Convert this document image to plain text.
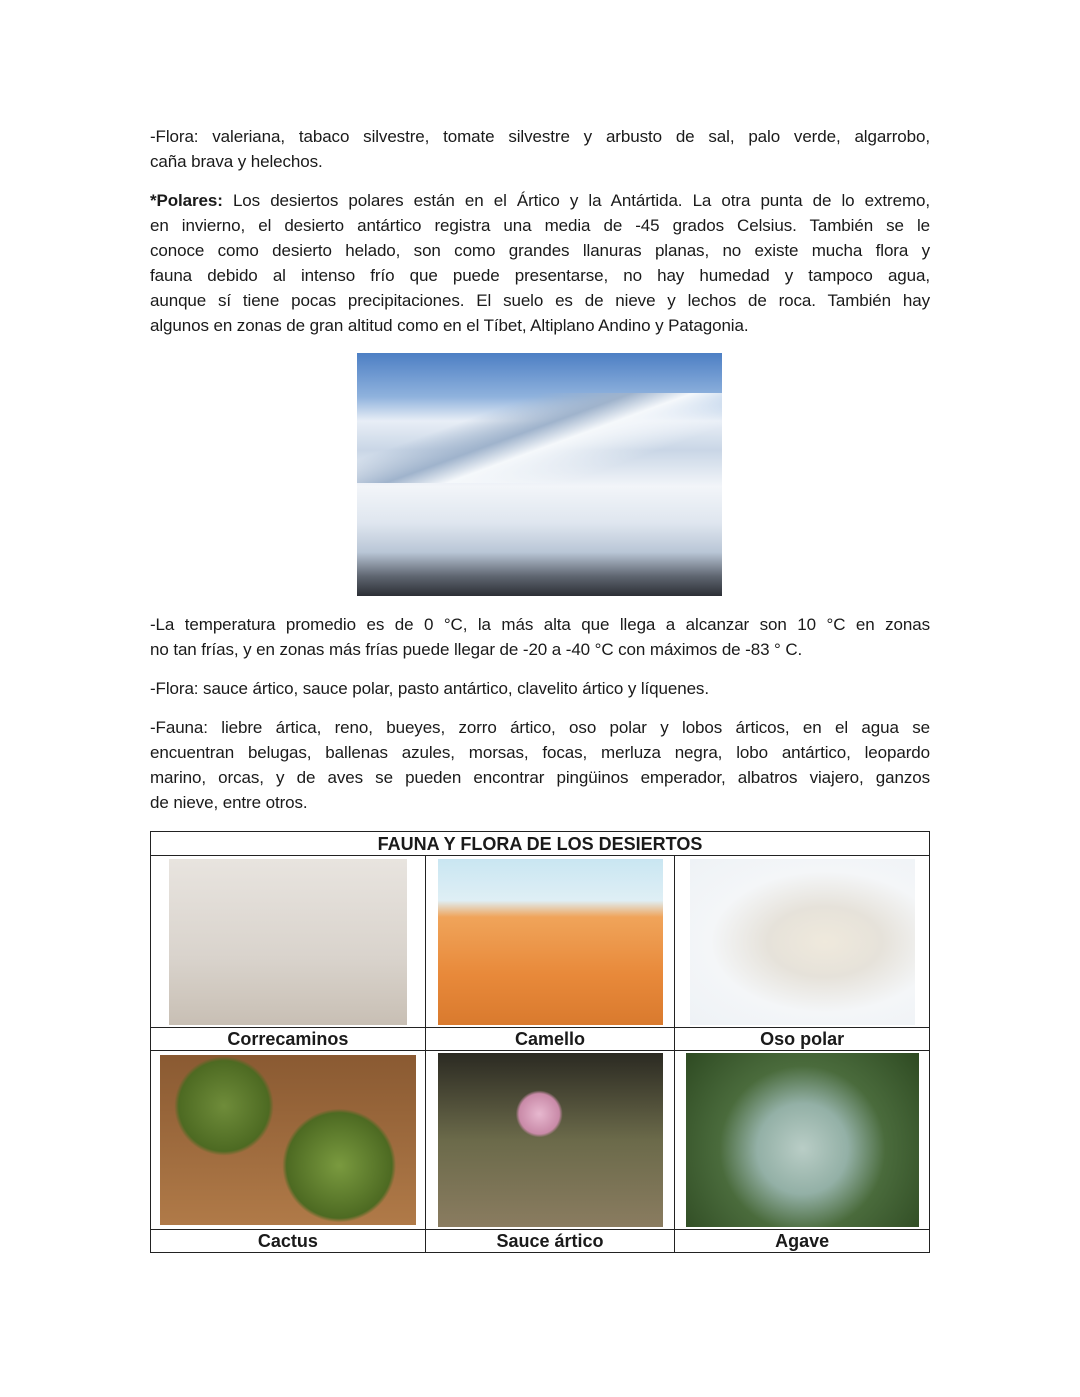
-Flora: valeriana, tabaco silvestre, tomate silvestre y arbusto de sal, palo verde, algarrobo,
caña brava y helechos.
*Polares: Los desiertos polares están en el Ártico y la Antártida. La otra punta de lo extremo,
en invierno, el desierto antártico registra una media de -45 grados Celsius. También se le
conoce como desierto helado, son como grandes llanuras planas, no existe mucha flora y
fauna debido al intenso frío que puede presentarse, no hay humedad y tampoco agua,
aunque sí tiene pocas precipitaciones. El suelo es de nieve y lechos de roca. También hay
algunos en zonas de gran altitud como en el Tíbet, Altiplano Andino y Patagonia.
-La temperatura promedio es de 0 °C, la más alta que llega a alcanzar son 10 °C en zonas
no tan frías, y en zonas más frías puede llegar de -20 a -40 °C con máximos de -83 ° C.
-Flora: sauce ártico, sauce polar, pasto antártico, clavelito ártico y líquenes.
-Fauna: liebre ártica, reno, bueyes, zorro ártico, oso polar y lobos árticos, en el agua se
encuentran belugas, ballenas azules, morsas, focas, merluza negra, lobo antártico, leopardo
marino, orcas, y de aves se pueden encontrar pingüinos emperador, albatros viajero, ganzos
de nieve, entre otros.
FAUNA Y FLORA DE LOS DESIERTOS		

Correcaminos	Camello	Oso polar

Cactus	Sauce ártico	Agave
